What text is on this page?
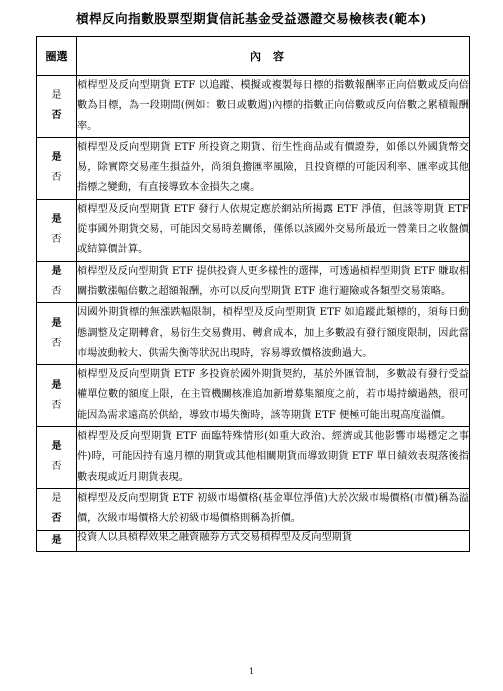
槓桿反向指數股票型期貨信託基金受益憑證交易檢核表(範本)
圈選	內容

是
否	槓桿型及反向型期貨 ETF 以追蹤、模擬或複製每日標的指數報酬率正向倍數或反向倍數為目標，為一段期間(例如：數日或數週)內標的指數正向倍數或反向倍數之累積報酬率。

是
否	槓桿型及反向型期貨 ETF 所投資之期貨、衍生性商品或有價證券，如係以外國貨幣交易，除實際交易產生損益外，尚須負擔匯率風險，且投資標的可能因利率、匯率或其他指標之變動，有直接導致本金損失之虞。

是
否	槓桿型及反向型期貨 ETF 發行人依規定應於網站所揭露 ETF 淨值，但該等期貨 ETF 從事國外期貨交易，可能因交易時差關係，僅係以該國外交易所最近一營業日之收盤價或結算價計算。

是
否	槓桿型及反向型期貨 ETF 提供投資人更多樣性的選擇，可透過槓桿型期貨 ETF 賺取相關指數漲幅倍數之超額報酬，亦可以反向型期貨 ETF 進行避險或各類型交易策略。

是
否	因國外期貨標的無漲跌幅限制，槓桿型及反向型期貨 ETF 如追蹤此類標的，須每日動態調整及定期轉倉，易衍生交易費用、轉倉成本，加上多數設有發行額度限制，因此當市場波動較大、供需失衡等狀況出現時，容易導致價格波動過大。

是
否	槓桿型及反向型期貨 ETF 多投資於國外期貨契約，基於外匯管制，多數設有發行受益權單位數的額度上限，在主管機關核准追加新增募集額度之前，若市場持續過熱，很可能因為需求遠高於供給，導致市場失衡時，該等期貨 ETF 便極可能出現高度溢價。

是
否	槓桿型及反向型期貨 ETF 面臨特殊情形(如重大政治、經濟或其他影響市場穩定之事件)時，可能因持有遠月標的期貨或其他相關期貨而導致期貨 ETF 單日績效表現落後指數表現或近月期貨表現。

是
否	槓桿型及反向型期貨 ETF 初級市場價格(基金單位淨值)大於次級市場價格(市價)稱為溢價，次級市場價格大於初級市場價格則稱為折價。

是	投資人以具槓桿效果之融資融券方式交易槓桿型及反向型期貨
1
